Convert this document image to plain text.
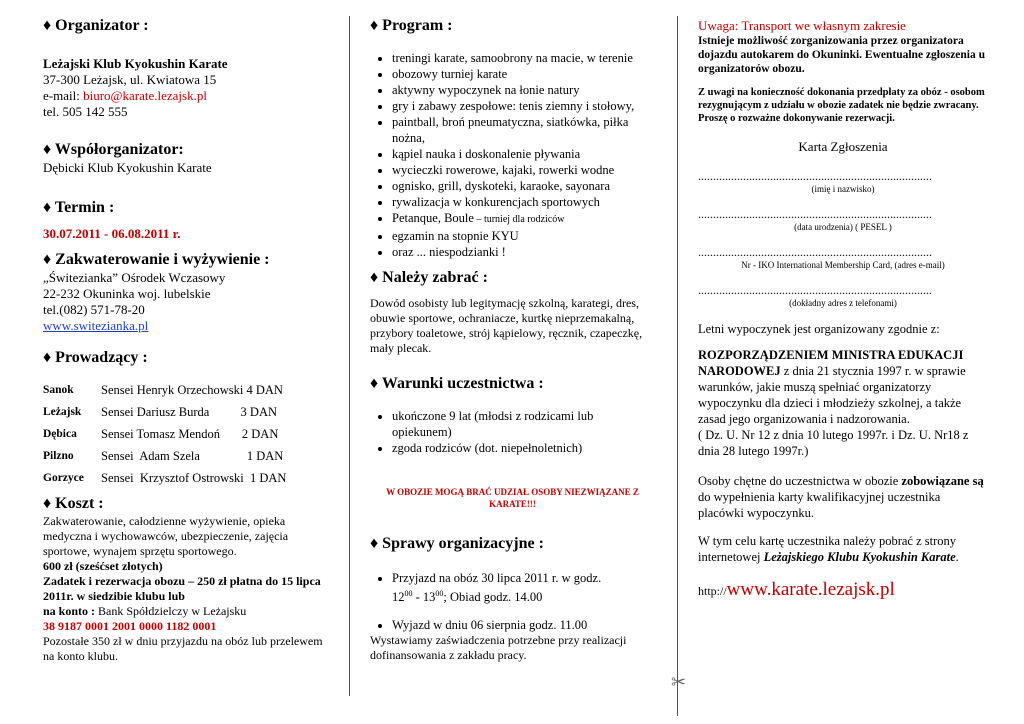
✂
♦ Organizator :

Leżajski Klub Kyokushin Karate

37-300 Leżajsk, ul. Kwiatowa 15

e-mail: biuro@karate.lezajsk.pl

tel. 505 142 555

♦ Współorganizator:

Dębicki Klub Kyokushin Karate

♦ Termin :

30.07.2011 - 06.08.2011 r.

♦ Zakwaterowanie i wyżywienie :

„Świtezianka” Ośrodek Wczasowy

22-232 Okuninka woj. lubelskie

tel.(082) 571-78-20

www.switezianka.pl

♦ Prowadzący :
Sanok	Sensei Henryk Orzechowski 4 DAN
Leżajsk	Sensei Dariusz Burda          3 DAN
Dębica	Sensei Tomasz Mendoń       2 DAN
Pilzno	Sensei  Adam Szela               1 DAN
Gorzyce	Sensei  Krzysztof Ostrowski  1 DAN
♦ Koszt :

Zakwaterowanie, całodzienne wyżywienie, opieka medyczna i wychowawców, ubezpieczenie, zajęcia sportowe, wynajem sprzętu sportowego.

600 zł (sześćset złotych)

Zadatek i rezerwacja obozu – 250 zł płatna do 15 lipca 2011r. w siedzibie klubu lub

na konto : Bank Spółdzielczy w Leżajsku

38 9187 0001 2001 0000 1182 0001

Pozostałe 350 zł w dniu przyjazdu na obóz lub przelewem na konto klubu.

♦ Program :
• treningi karate, samoobrony na macie, w terenie
• obozowy turniej karate
• aktywny wypoczynek na łonie natury
• gry i zabawy zespołowe: tenis ziemny i stołowy,
• paintball, broń pneumatyczna, siatkówka, piłka nożna,
• kąpiel nauka i doskonalenie pływania
• wycieczki rowerowe, kajaki, rowerki wodne
• ognisko, grill, dyskoteki, karaoke, sayonara
• rywalizacja w konkurencjach sportowych
• Petanque, Boule – turniej dla rodziców
• egzamin na stopnie KYU
• oraz ... niespodzianki !
♦ Należy zabrać :

Dowód osobisty lub legitymację szkolną, karategi, dres, obuwie sportowe, ochraniacze, kurtkę nieprzemakalną, przybory toaletowe, strój kąpielowy, ręcznik, czapeczkę, mały plecak.

♦ Warunki uczestnictwa :
• ukończone 9 lat (młodsi z rodzicami lub opiekunem)
• zgoda rodziców (dot. niepełnoletnich)

W OBOZIE MOGĄ BRAĆ UDZIAŁ OSOBY NIEZWIĄZANE Z KARATE!!!

♦ Sprawy organizacyjne :
• Przyjazd na obóz 30 lipca 2011 r. w godz.
$12^{00} - 13^{00}$; Obiad godz. 14.00
• Wyjazd w dniu 06 sierpnia godz. 11.00

Wystawiamy zaświadczenia potrzebne przy realizacji dofinansowania z zakładu pracy.

Uwaga: Transport we własnym zakresie

Istnieje możliwość zorganizowania przez organizatora dojazdu autokarem do Okuninki. Ewentualne zgłoszenia u organizatorów obozu.

Z uwagi na konieczność dokonania przedpłaty za obóz - osobom rezygnującym z udziału w obozie zadatek nie będzie zwracany.

Proszę o rozważne dokonywanie rezerwacji.

Karta Zgłoszenia

..............................................................................

(imię i nazwisko)

..............................................................................

(data urodzenia) ( PESEL )

..............................................................................

Nr - IKO International Membership Card, (adres e-mail)

..............................................................................

(dokładny adres z telefonami)

Letni wypoczynek jest organizowany zgodnie z:

ROZPORZĄDZENIEM MINISTRA EDUKACJI NARODOWEJ z dnia 21 stycznia 1997 r. w sprawie warunków, jakie muszą spełniać organizatorzy wypoczynku dla dzieci i młodzieży szkolnej, a także zasad jego organizowania i nadzorowania.

( Dz. U. Nr 12 z dnia 10 lutego 1997r. i Dz. U. Nr18 z dnia 28 lutego 1997r.)

Osoby chętne do uczestnictwa w obozie zobowiązane są do wypełnienia karty kwalifikacyjnej uczestnika placówki wypoczynku.

W tym celu kartę uczestnika należy pobrać z strony internetowej Leżajskiego Klubu Kyokushin Karate.

http://www.karate.lezajsk.pl
